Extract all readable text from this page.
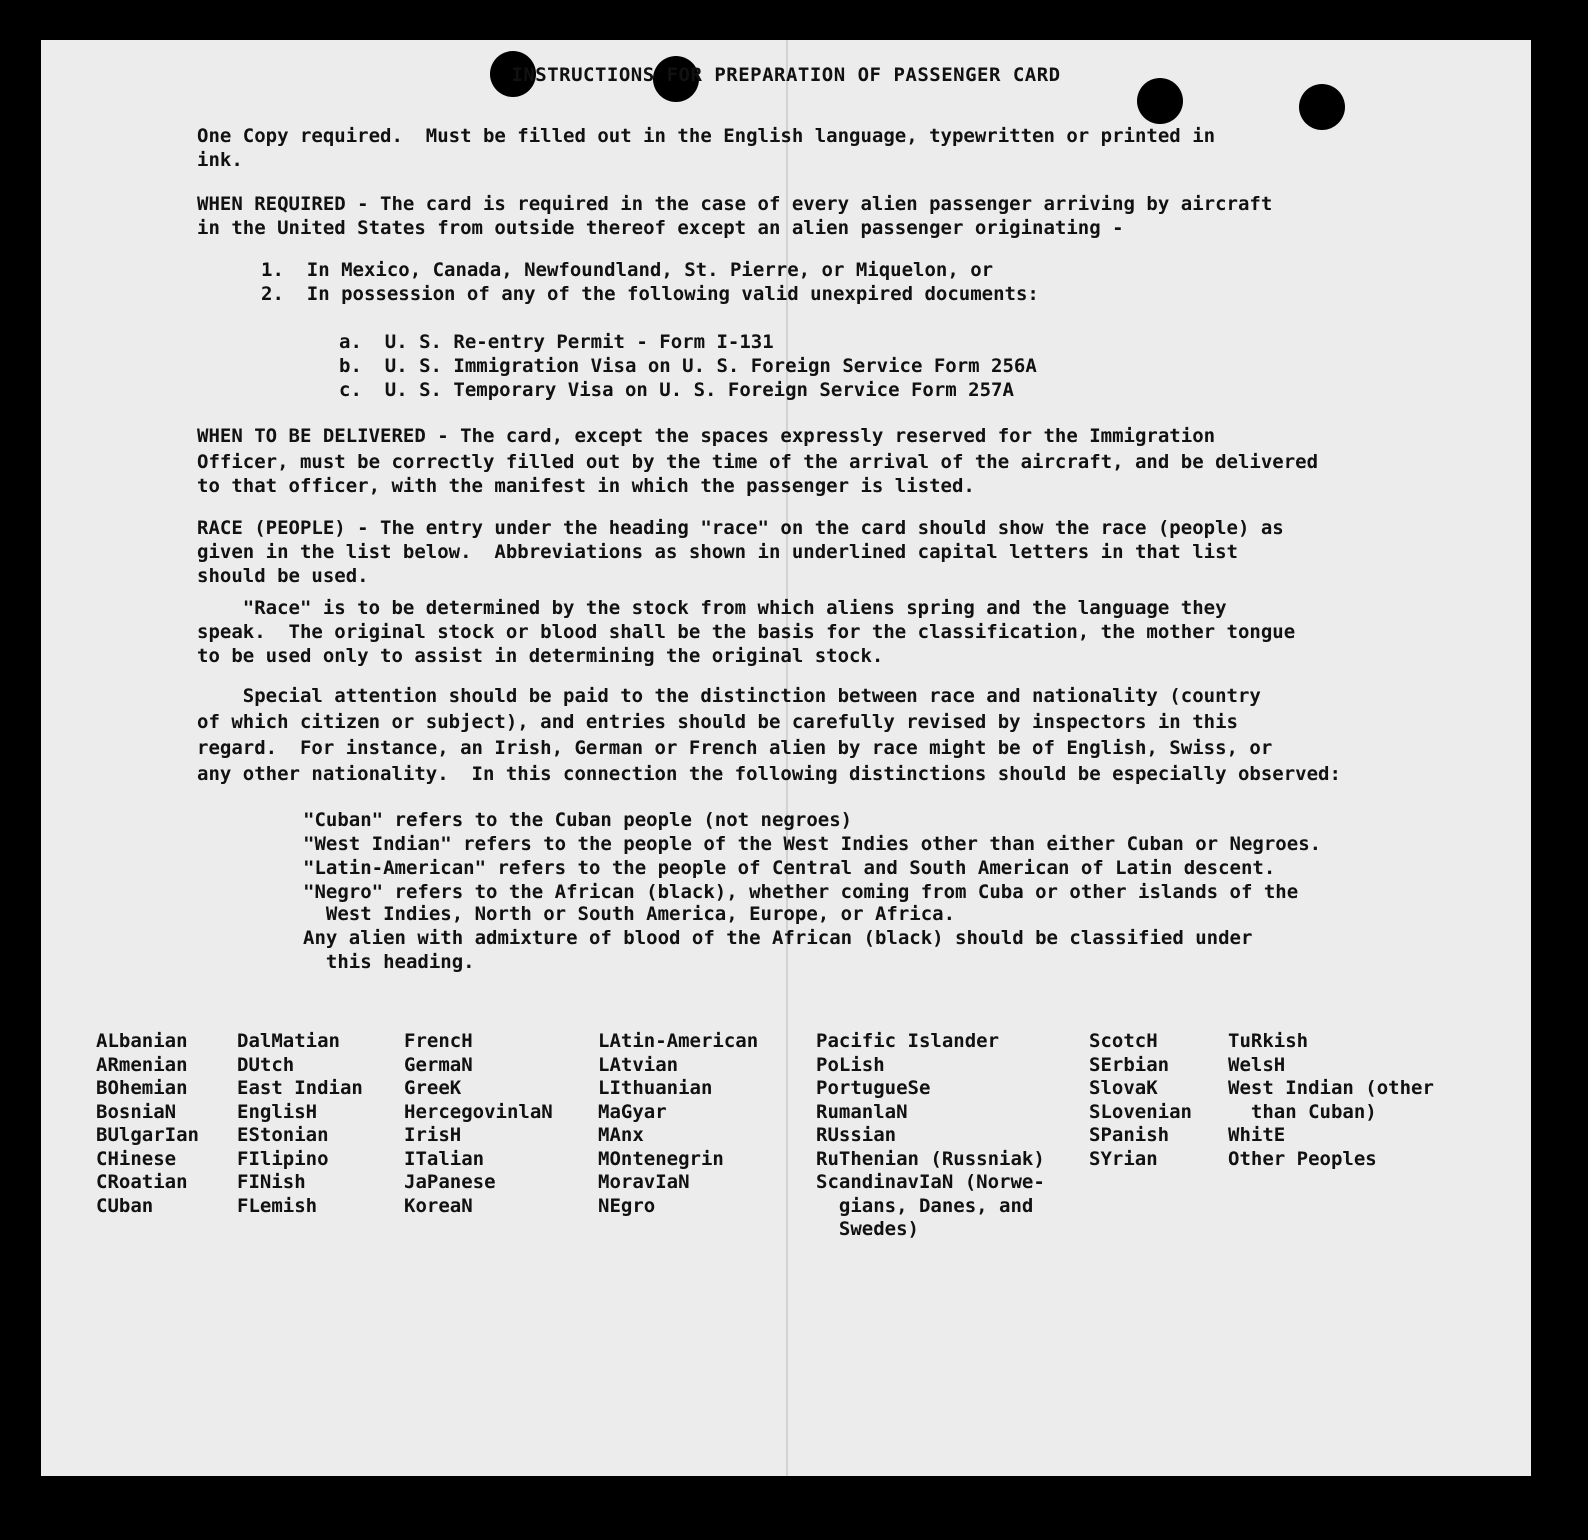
INSTRUCTIONS FOR PREPARATION OF PASSENGER CARD

One Copy required.  Must be filled out in the English language, typewritten or printed in

ink.

WHEN REQUIRED - The card is required in the case of every alien passenger arriving by aircraft

in the United States from outside thereof except an alien passenger originating -

1.  In Mexico, Canada, Newfoundland, St. Pierre, or Miquelon, or

2.  In possession of any of the following valid unexpired documents:

a.  U. S. Re-entry Permit - Form I-131

b.  U. S. Immigration Visa on U. S. Foreign Service Form 256A

c.  U. S. Temporary Visa on U. S. Foreign Service Form 257A

WHEN TO BE DELIVERED - The card, except the spaces expressly reserved for the Immigration

Officer, must be correctly filled out by the time of the arrival of the aircraft, and be delivered

to that officer, with the manifest in which the passenger is listed.

RACE (PEOPLE) - The entry under the heading "race" on the card should show the race (people) as

given in the list below.  Abbreviations as shown in underlined capital letters in that list

should be used.

"Race" is to be determined by the stock from which aliens spring and the language they

speak.  The original stock or blood shall be the basis for the classification, the mother tongue

to be used only to assist in determining the original stock.

Special attention should be paid to the distinction between race and nationality (country

of which citizen or subject), and entries should be carefully revised by inspectors in this

regard.  For instance, an Irish, German or French alien by race might be of English, Swiss, or

any other nationality.  In this connection the following distinctions should be especially observed:

"Cuban" refers to the Cuban people (not negroes)

"West Indian" refers to the people of the West Indies other than either Cuban or Negroes.

"Latin-American" refers to the people of Central and South American of Latin descent.

"Negro" refers to the African (black), whether coming from Cuba or other islands of the

West Indies, North or South America, Europe, or Africa.

Any alien with admixture of blood of the African (black) should be classified under

this heading.

ALbanian
ARmenian
BOhemian
BosniaN
BUlgarIan
CHinese
CRoatian
CUban
DalMatian
DUtch
East Indian
EnglisH
EStonian
FIlipino
FINish
FLemish
FrencH
GermaN
GreeK
HercegovinlaN
IrisH
ITalian
JaPanese
KoreaN
LAtin-American
LAtvian
LIthuanian
MaGyar
MAnx
MOntenegrin
MoravIaN
NEgro
Pacific Islander
PoLish
PortugueSe
RumanlaN
RUssian
RuThenian (Russniak)
ScandinavIaN (Norwe-
gians, Danes, and
Swedes)
ScotcH
SErbian
SlovaK
SLovenian
SPanish
SYrian
TuRkish
WelsH
West Indian (other
than Cuban)
WhitE
Other Peoples
